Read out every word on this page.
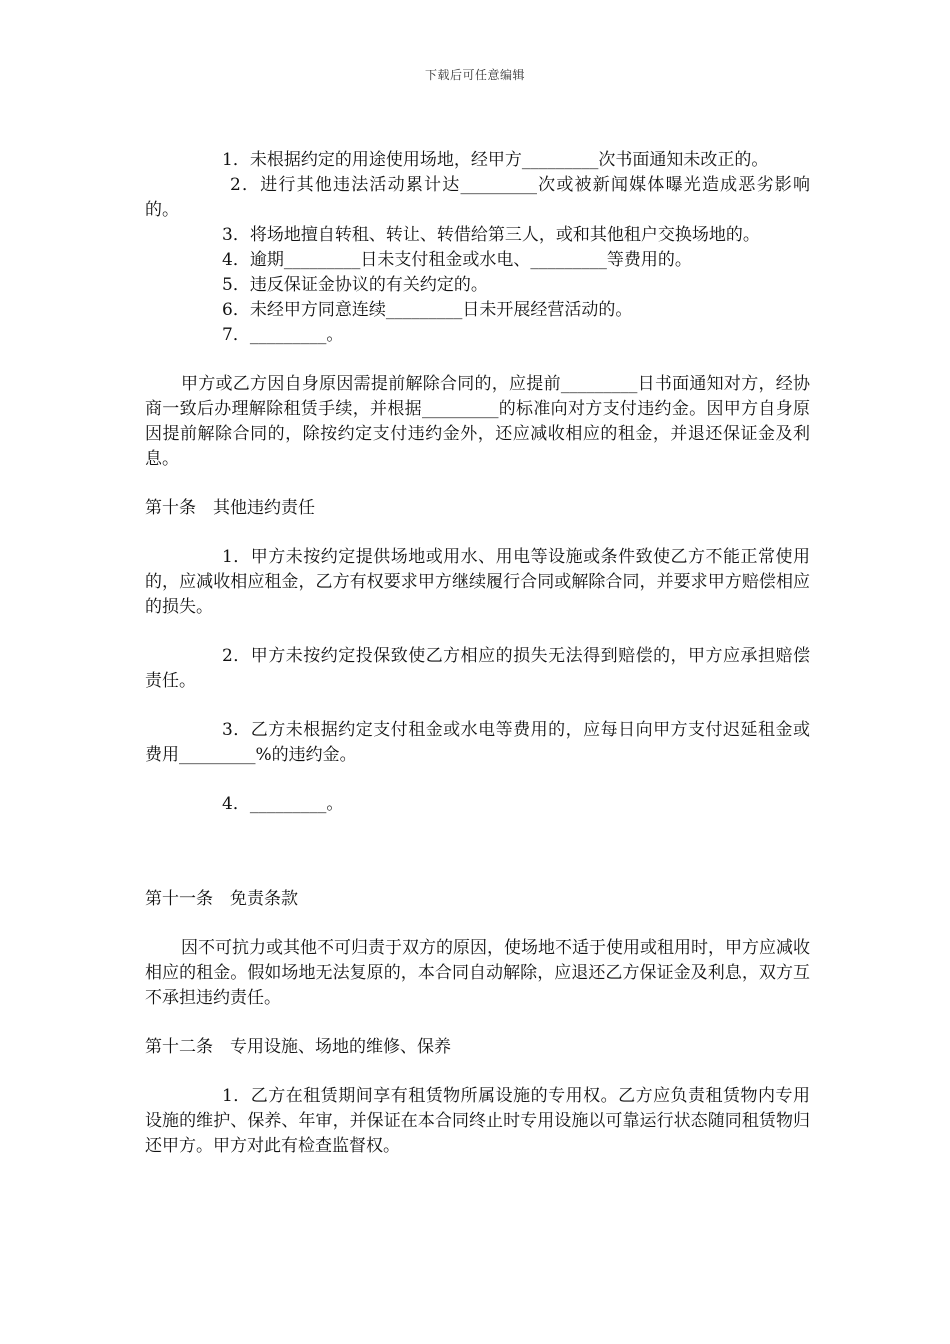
下载后可任意编辑

1．未根据约定的用途使用场地，经甲方_________次书面通知未改正的。

2．进行其他违法活动累计达_________次或被新闻媒体曝光造成恶劣影响的。

3．将场地擅自转租、转让、转借给第三人，或和其他租户交换场地的。

4．逾期_________日未支付租金或水电、_________等费用的。

5．违反保证金协议的有关约定的。

6．未经甲方同意连续_________日未开展经营活动的。

7．_________。

甲方或乙方因自身原因需提前解除合同的，应提前_________日书面通知对方，经协商一致后办理解除租赁手续，并根据_________的标准向对方支付违约金。因甲方自身原因提前解除合同的，除按约定支付违约金外，还应减收相应的租金，并退还保证金及利息。

第十条　其他违约责任

1．甲方未按约定提供场地或用水、用电等设施或条件致使乙方不能正常使用的，应减收相应租金，乙方有权要求甲方继续履行合同或解除合同，并要求甲方赔偿相应的损失。

2．甲方未按约定投保致使乙方相应的损失无法得到赔偿的，甲方应承担赔偿责任。

3．乙方未根据约定支付租金或水电等费用的，应每日向甲方支付迟延租金或费用_________%的违约金。

4．_________。

第十一条　免责条款

因不可抗力或其他不可归责于双方的原因，使场地不适于使用或租用时，甲方应减收相应的租金。假如场地无法复原的，本合同自动解除，应退还乙方保证金及利息，双方互不承担违约责任。

第十二条　专用设施、场地的维修、保养

1．乙方在租赁期间享有租赁物所属设施的专用权。乙方应负责租赁物内专用设施的维护、保养、年审，并保证在本合同终止时专用设施以可靠运行状态随同租赁物归还甲方。甲方对此有检查监督权。
